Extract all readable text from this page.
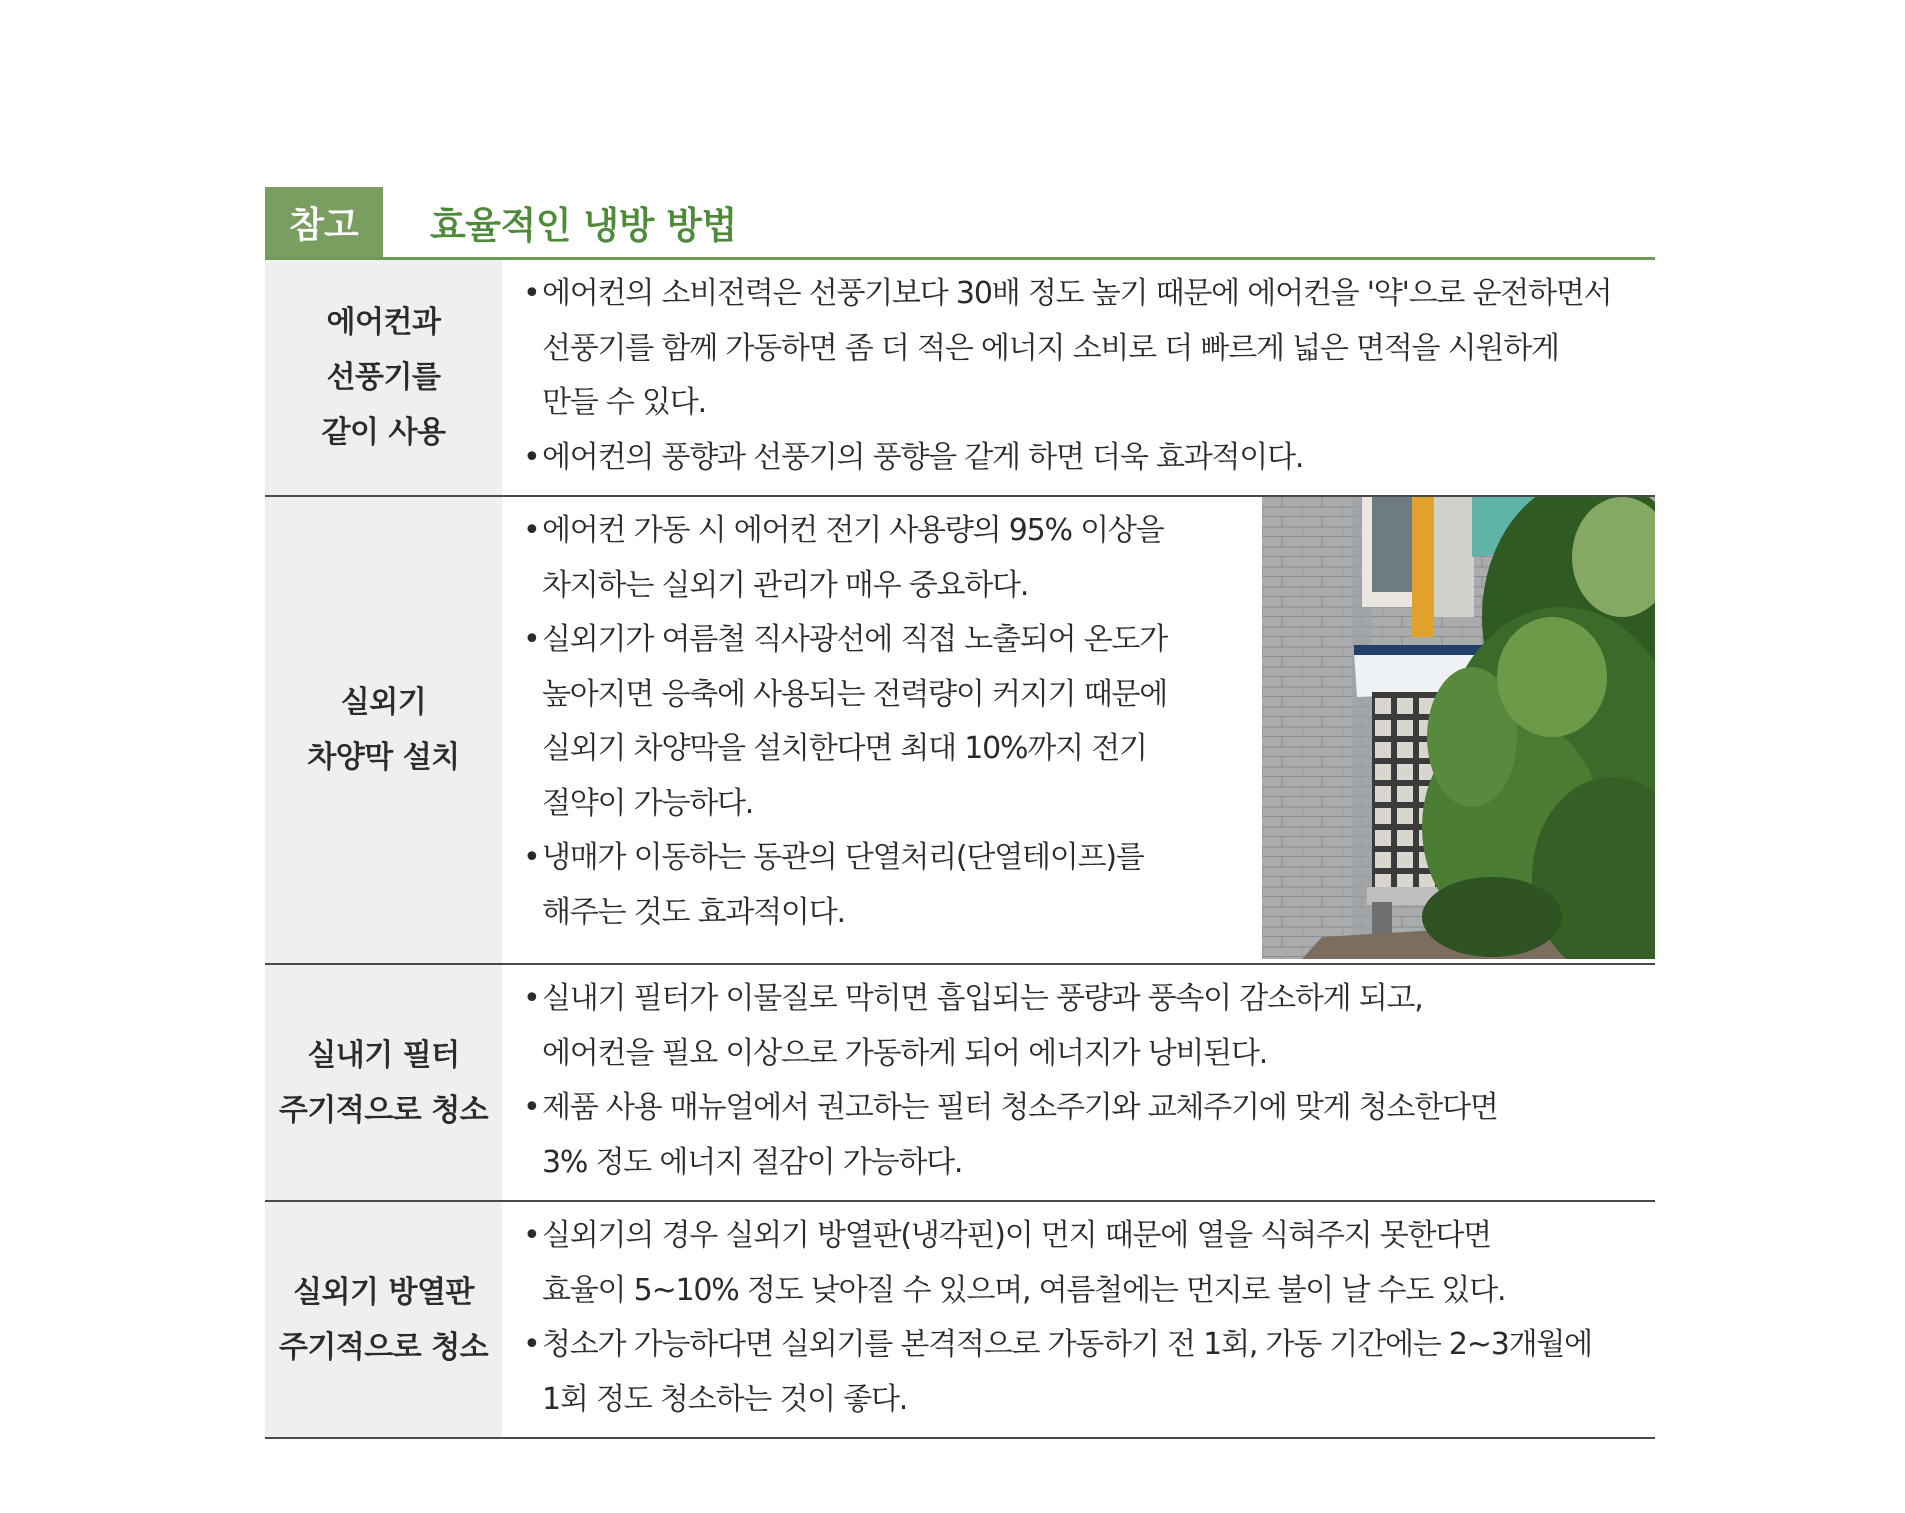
참고	효율적인 냉방 방법
에어컨과
선풍기를
같이 사용
• 에어컨의 소비전력은 선풍기보다 30배 정도 높기 때문에 에어컨을 '약'으로 운전하면서
선풍기를 함께 가동하면 좀 더 적은 에너지 소비로 더 빠르게 넓은 면적을 시원하게
만들 수 있다.
• 에어컨의 풍향과 선풍기의 풍향을 같게 하면 더욱 효과적이다.
실외기
차양막 설치
• 에어컨 가동 시 에어컨 전기 사용량의 95% 이상을
차지하는 실외기 관리가 매우 중요하다.
• 실외기가 여름철 직사광선에 직접 노출되어 온도가
높아지면 응축에 사용되는 전력량이 커지기 때문에
실외기 차양막을 설치한다면 최대 10%까지 전기
절약이 가능하다.
• 냉매가 이동하는 동관의 단열처리(단열테이프)를
해주는 것도 효과적이다.
실내기 필터
주기적으로 청소
• 실내기 필터가 이물질로 막히면 흡입되는 풍량과 풍속이 감소하게 되고,
에어컨을 필요 이상으로 가동하게 되어 에너지가 낭비된다.
• 제품 사용 매뉴얼에서 권고하는 필터 청소주기와 교체주기에 맞게 청소한다면
3% 정도 에너지 절감이 가능하다.
실외기 방열판
주기적으로 청소
• 실외기의 경우 실외기 방열판(냉각핀)이 먼지 때문에 열을 식혀주지 못한다면
효율이 5~10% 정도 낮아질 수 있으며, 여름철에는 먼지로 불이 날 수도 있다.
• 청소가 가능하다면 실외기를 본격적으로 가동하기 전 1회, 가동 기간에는 2~3개월에
1회 정도 청소하는 것이 좋다.
